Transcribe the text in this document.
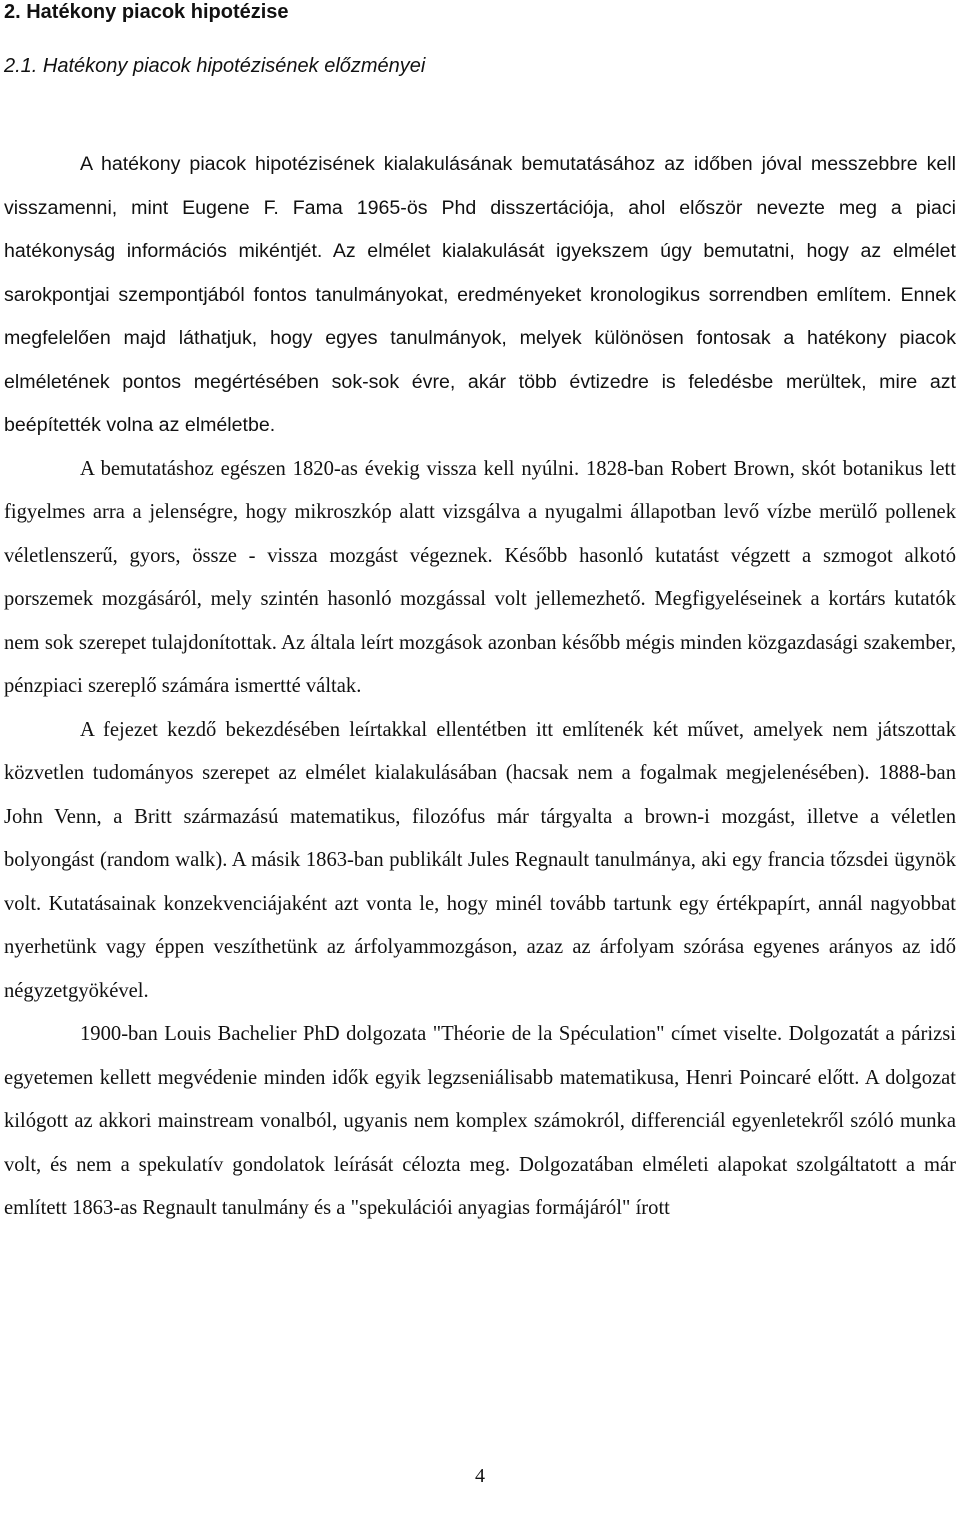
2. Hatékony piacok hipotézise
2.1. Hatékony piacok hipotézisének előzményei

A hatékony piacok hipotézisének kialakulásának bemutatásához az időben jóval messzebbre kell visszamenni, mint Eugene F. Fama 1965-ös Phd disszertációja, ahol először nevezte meg a piaci hatékonyság információs mikéntjét. Az elmélet kialakulását igyekszem úgy bemutatni, hogy az elmélet sarokpontjai szempontjából fontos tanulmányokat, eredményeket kronologikus sorrendben említem. Ennek megfelelően majd láthatjuk, hogy egyes tanulmányok, melyek különösen fontosak a hatékony piacok elméletének pontos megértésében sok-sok évre, akár több évtizedre is feledésbe merültek, mire azt beépítették volna az elméletbe.

A bemutatáshoz egészen 1820-as évekig vissza kell nyúlni. 1828-ban Robert Brown, skót botanikus lett figyelmes arra a jelenségre, hogy mikroszkóp alatt vizsgálva a nyugalmi állapotban levő vízbe merülő pollenek véletlenszerű, gyors, össze - vissza mozgást végeznek. Később hasonló kutatást végzett a szmogot alkotó porszemek mozgásáról, mely szintén hasonló mozgással volt jellemezhető. Megfigyeléseinek a kortárs kutatók nem sok szerepet tulajdonítottak. Az általa leírt mozgások azonban később mégis minden közgazdasági szakember, pénzpiaci szereplő számára ismertté váltak.

A fejezet kezdő bekezdésében leírtakkal ellentétben itt említenék két művet, amelyek nem játszottak közvetlen tudományos szerepet az elmélet kialakulásában (hacsak nem a fogalmak megjelenésében). 1888-ban John Venn, a Britt származású matematikus, filozófus már tárgyalta a brown-i mozgást, illetve a véletlen bolyongást (random walk). A másik 1863-ban publikált Jules Regnault tanulmánya, aki egy francia tőzsdei ügynök volt. Kutatásainak konzekvenciájaként azt vonta le, hogy minél tovább tartunk egy értékpapírt, annál nagyobbat nyerhetünk vagy éppen veszíthetünk az árfolyammozgáson, azaz az árfolyam szórása egyenes arányos az idő négyzetgyökével.

1900-ban Louis Bachelier PhD dolgozata "Théorie de la Spéculation" címet viselte. Dolgozatát a párizsi egyetemen kellett megvédenie minden idők egyik legzseniálisabb matematikusa, Henri Poincaré előtt. A dolgozat kilógott az akkori mainstream vonalból, ugyanis nem komplex számokról, differenciál egyenletekről szóló munka volt, és nem a spekulatív gondolatok leírását célozta meg. Dolgozatában elméleti alapokat szolgáltatott a már említett 1863-as Regnault tanulmány és a "spekulációi anyagias formájáról" írott

4
